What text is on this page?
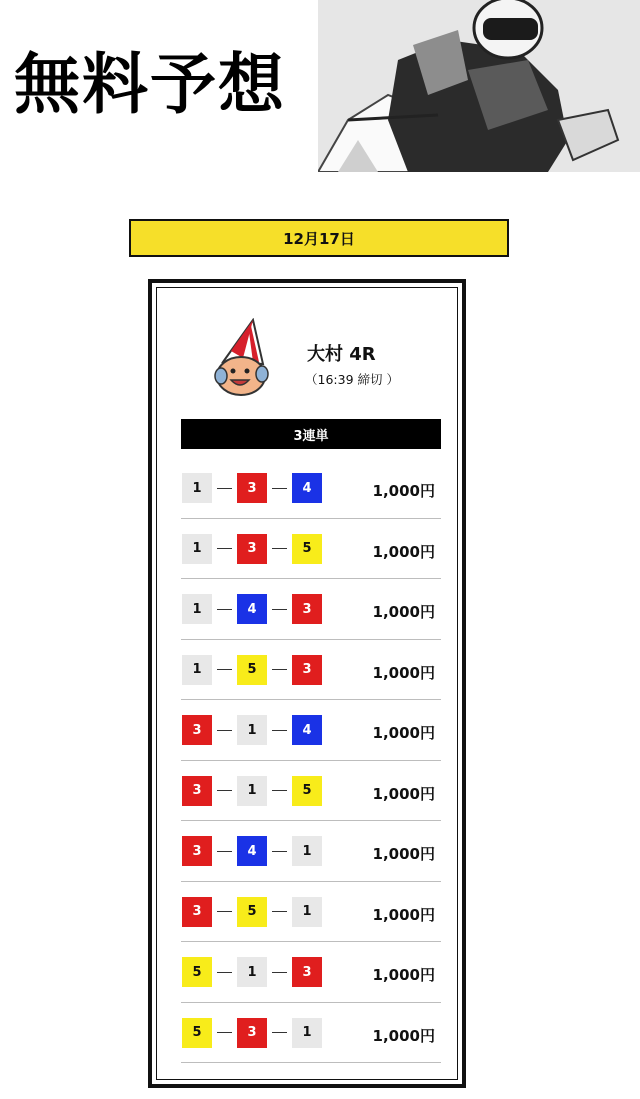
無料予想
12月17日
大村 4R
（16:39 締切 ）
3連単
1	3	4	1,000円
1	3	5	1,000円
1	4	3	1,000円
1	5	3	1,000円
3	1	4	1,000円
3	1	5	1,000円
3	4	1	1,000円
3	5	1	1,000円
5	1	3	1,000円
5	3	1	1,000円
